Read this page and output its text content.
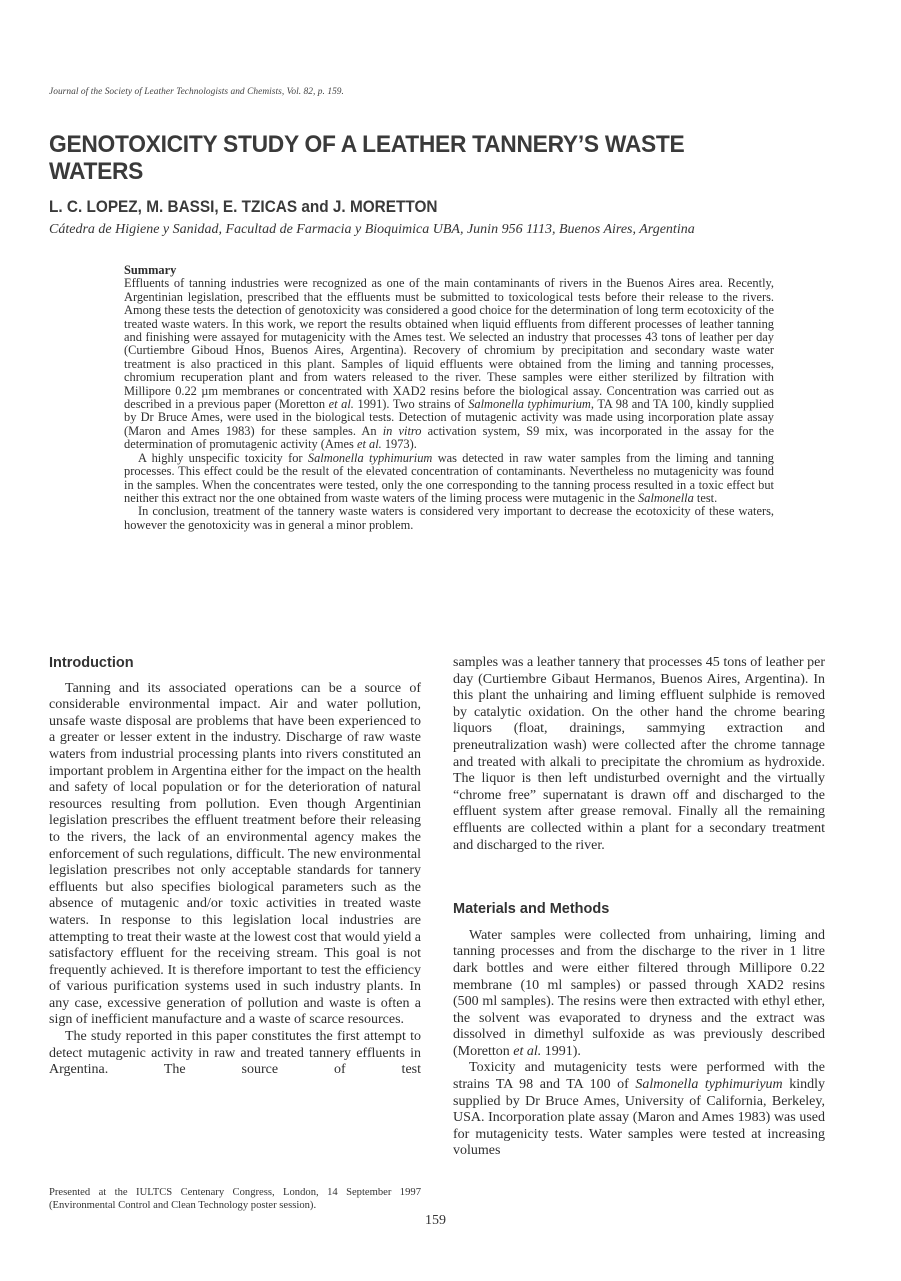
Journal of the Society of Leather Technologists and Chemists, Vol. 82, p. 159.
GENOTOXICITY STUDY OF A LEATHER TANNERY’S WASTE WATERS
L. C. LOPEZ, M. BASSI, E. TZICAS and J. MORETTON
Cátedra de Higiene y Sanidad, Facultad de Farmacia y Bioquimica UBA, Junin 956 1113, Buenos Aires, Argentina
Summary

Effluents of tanning industries were recognized as one of the main contaminants of rivers in the Buenos Aires area. Recently, Argentinian legislation, prescribed that the effluents must be submitted to toxicological tests before their release to the rivers. Among these tests the detection of genotoxicity was considered a good choice for the determination of long term ecotoxicity of the treated waste waters. In this work, we report the results obtained when liquid effluents from different processes of leather tanning and finishing were assayed for mutagenicity with the Ames test. We selected an industry that processes 43 tons of leather per day (Curtiembre Giboud Hnos, Buenos Aires, Argentina). Recovery of chromium by precipitation and secondary waste water treatment is also practiced in this plant. Samples of liquid effluents were obtained from the liming and tanning processes, chromium recuperation plant and from waters released to the river. These samples were either sterilized by filtration with Millipore 0.22 µm membranes or concentrated with XAD2 resins before the biological assay. Concentration was carried out as described in a previous paper (Moretton et al. 1991). Two strains of Salmonella typhimurium, TA 98 and TA 100, kindly supplied by Dr Bruce Ames, were used in the biological tests. Detection of mutagenic activity was made using incorporation plate assay (Maron and Ames 1983) for these samples. An in vitro activation system, S9 mix, was incorporated in the assay for the determination of promutagenic activity (Ames et al. 1973).

A highly unspecific toxicity for Salmonella typhimurium was detected in raw water samples from the liming and tanning processes. This effect could be the result of the elevated concentration of contaminants. Nevertheless no mutagenicity was found in the samples. When the concentrates were tested, only the one corresponding to the tanning process resulted in a toxic effect but neither this extract nor the one obtained from waste waters of the liming process were mutagenic in the Salmonella test.

In conclusion, treatment of the tannery waste waters is considered very important to decrease the ecotoxicity of these waters, however the genotoxicity was in general a minor problem.

Introduction

Tanning and its associated operations can be a source of considerable environmental impact. Air and water pollution, unsafe waste disposal are problems that have been experienced to a greater or lesser extent in the industry. Discharge of raw waste waters from industrial processing plants into rivers constituted an important problem in Argentina either for the impact on the health and safety of local population or for the deterioration of natural resources resulting from pollution. Even though Argentinian legislation prescribes the effluent treatment before their releasing to the rivers, the lack of an environmental agency makes the enforcement of such regulations, difficult. The new environmental legislation prescribes not only acceptable standards for tannery effluents but also specifies biological parameters such as the absence of mutagenic and/or toxic activities in treated waste waters. In response to this legislation local industries are attempting to treat their waste at the lowest cost that would yield a satisfactory effluent for the receiving stream. This goal is not frequently achieved. It is therefore important to test the efficiency of various purification systems used in such industry plants. In any case, excessive generation of pollution and waste is often a sign of inefficient manufacture and a waste of scarce resources.

The study reported in this paper constitutes the first attempt to detect mutagenic activity in raw and treated tannery effluents in Argentina. The source of test

samples was a leather tannery that processes 45 tons of leather per day (Curtiembre Gibaut Hermanos, Buenos Aires, Argentina). In this plant the unhairing and liming effluent sulphide is removed by catalytic oxidation. On the other hand the chrome bearing liquors (float, drainings, sammying extraction and preneutralization wash) were collected after the chrome tannage and treated with alkali to precipitate the chromium as hydroxide. The liquor is then left undisturbed overnight and the virtually “chrome free” supernatant is drawn off and discharged to the effluent system after grease removal. Finally all the remaining effluents are collected within a plant for a secondary treatment and discharged to the river.

Materials and Methods

Water samples were collected from unhairing, liming and tanning processes and from the discharge to the river in 1 litre dark bottles and were either filtered through Millipore 0.22 membrane (10 ml samples) or passed through XAD2 resins (500 ml samples). The resins were then extracted with ethyl ether, the solvent was evaporated to dryness and the extract was dissolved in dimethyl sulfoxide as was previously described (Moretton et al. 1991).

Toxicity and mutagenicity tests were performed with the strains TA 98 and TA 100 of Salmonella typhimuriyum kindly supplied by Dr Bruce Ames, University of California, Berkeley, USA. Incorporation plate assay (Maron and Ames 1983) was used for mutagenicity tests. Water samples were tested at increasing volumes

Presented at the IULTCS Centenary Congress, London, 14 September 1997 (Environmental Control and Clean Technology poster session).
159
